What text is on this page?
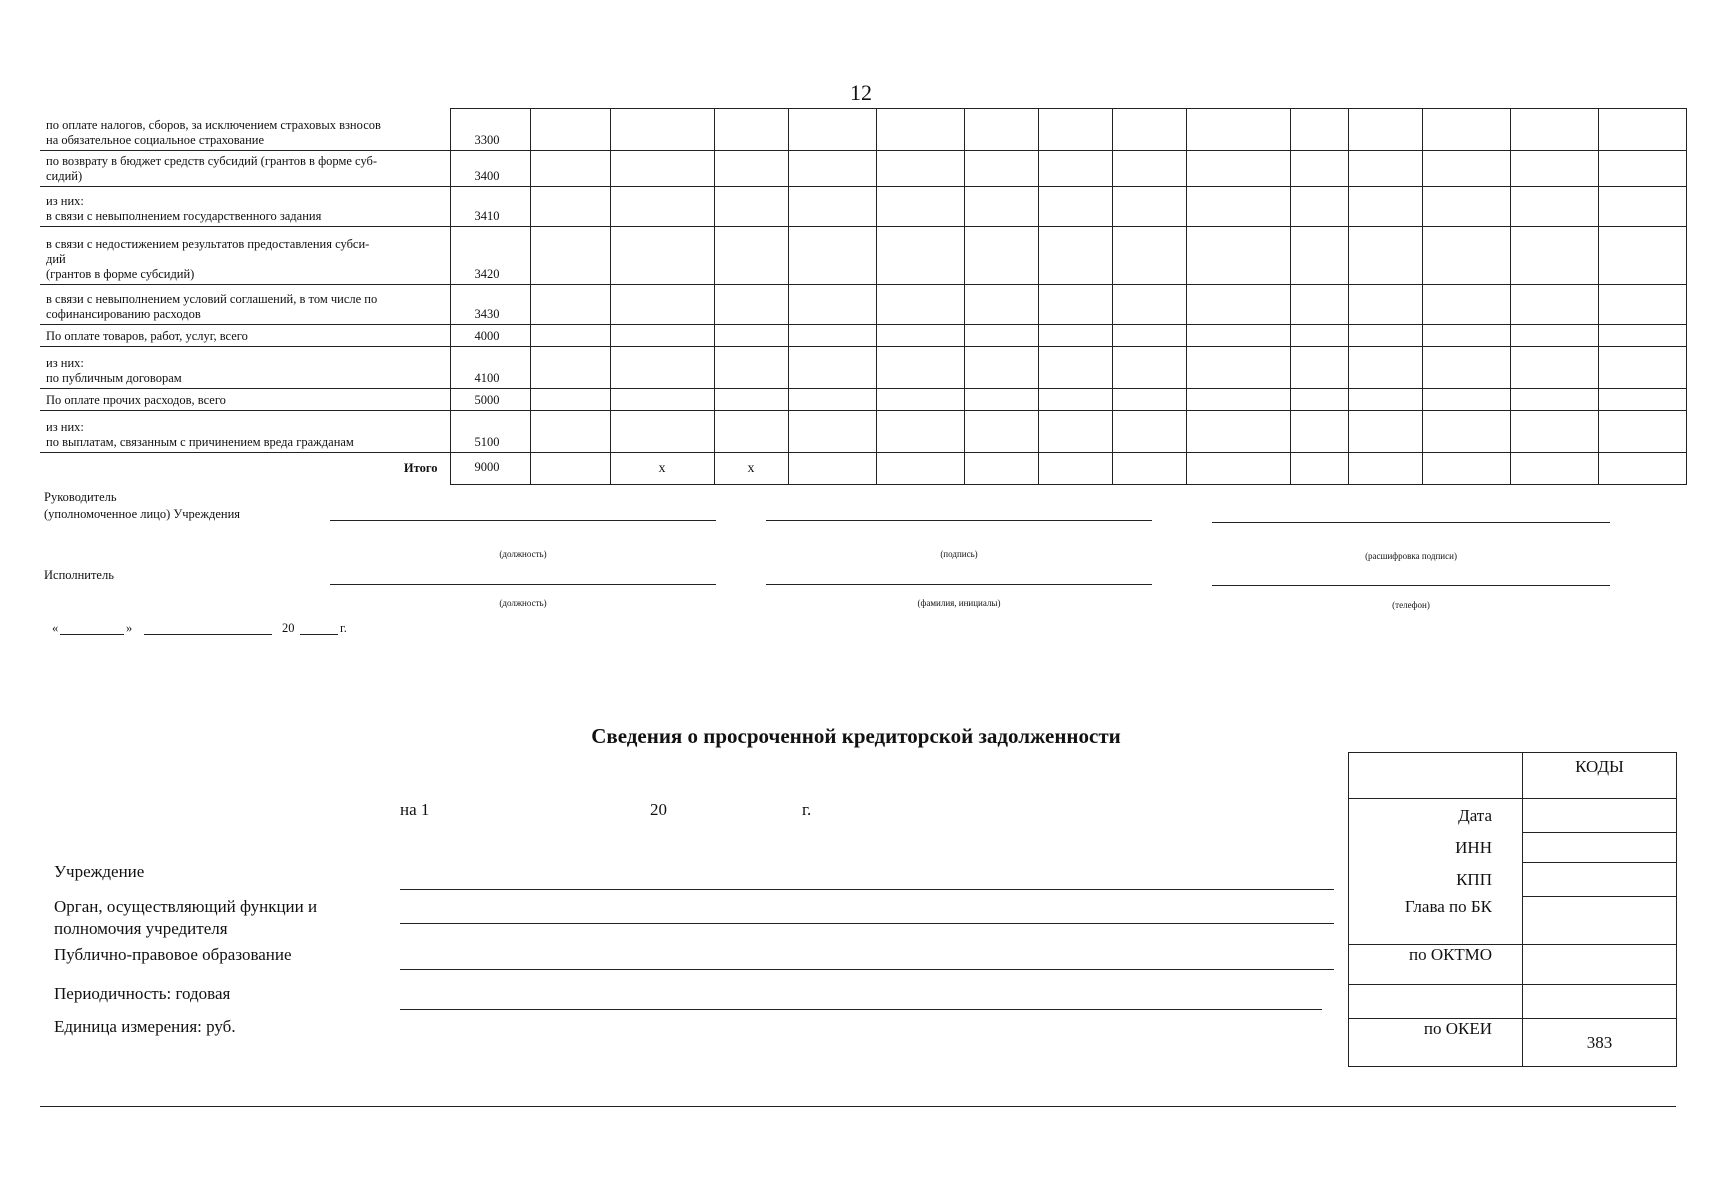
12
по оплате налогов, сборов, за исключением страховых взносов
на обязательное социальное страхование	3300														

по возврату в бюджет средств субсидий (грантов в форме суб-
сидий)	3400														

из них:
в связи с невыполнением государственного задания	3410														

в связи с недостижением результатов предоставления субси-
дий
(грантов в форме субсидий)	3420														

в связи с невыполнением условий соглашений, в том числе по
софинансированию расходов	3430														

По оплате товаров, работ, услуг, всего	4000														

из них:
по публичным договорам	4100														

По оплате прочих расходов, всего	5000														

из них:
по выплатам, связанным с причинением вреда гражданам	5100														
Итого	9000		x	x											
Руководитель
(уполномоченное лицо) Учреждения
(должность)	(подпись)	(расшифровка подписи)
Исполнитель
(должность)	(фамилия, инициалы)	(телефон)
«	»	20	г.
Сведения о просроченной кредиторской задолженности
на 1	20	г.
Учреждение
Орган, осуществляющий функции и
полномочия учредителя
Публично-правовое образование
Периодичность: годовая
Единица измерения: руб.
	КОДЫ
Дата	
ИНН	
КПП	
Глава по БК	
по ОКТМО	

по ОКЕИ	383
